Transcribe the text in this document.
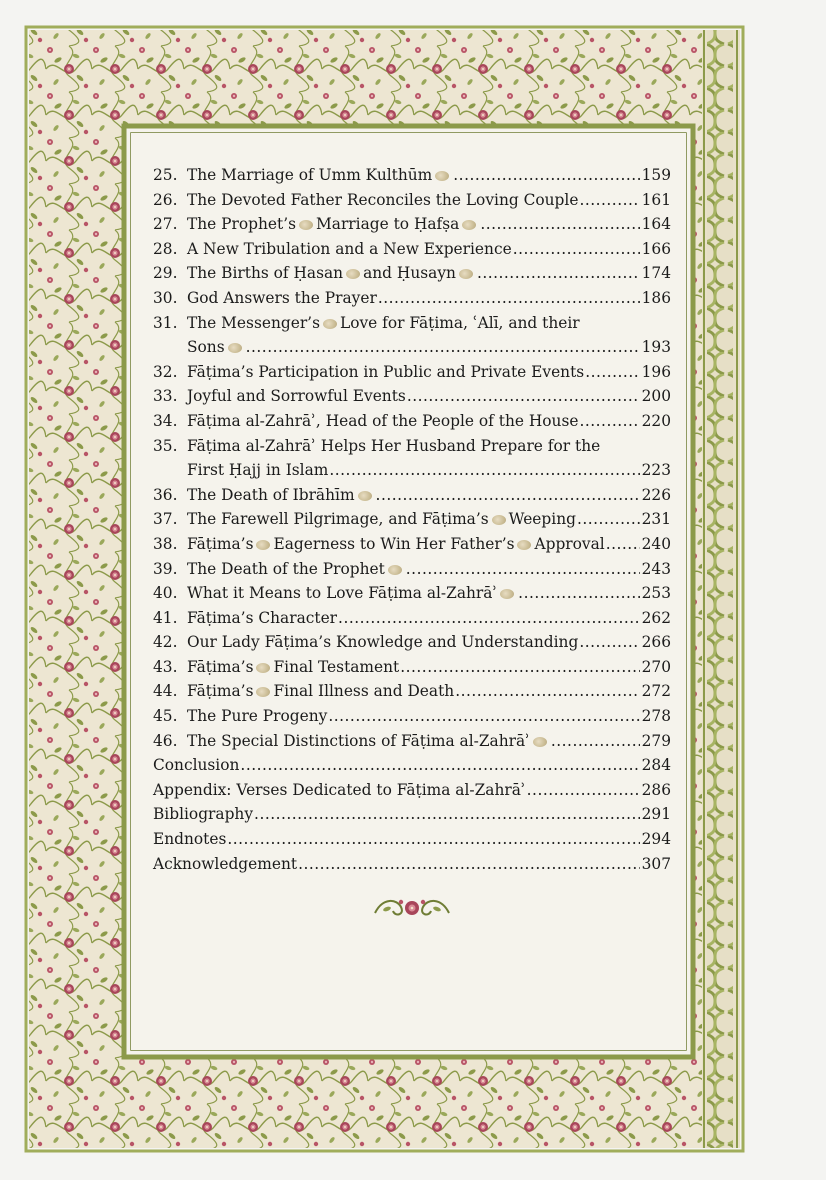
25. The Marriage of Umm Kulthūm .....	159
26. The Devoted Father Reconciles the Loving Couple .....	161
27. The Prophet’s Marriage to Ḥafṣa .....	164
28. A New Tribulation and a New Experience .....	166
29. The Births of Ḥasan and Ḥusayn .....	174
30. God Answers the Prayer .....	186
31. The Messenger’s Love for Fāṭima, ʿAlī, and their
Sons .....	193
32. Fāṭima’s Participation in Public and Private Events .....	196
33. Joyful and Sorrowful Events .....	200
34. Fāṭima al-Zahrāʾ, Head of the People of the House .....	220
35. Fāṭima al-Zahrāʾ Helps Her Husband Prepare for the
First Ḥajj in Islam .....	223
36. The Death of Ibrāhīm .....	226
37. The Farewell Pilgrimage, and Fāṭima’s Weeping .....	231
38. Fāṭima’s Eagerness to Win Her Father’s Approval ..... 240
39. The Death of the Prophet .....	243
40. What it Means to Love Fāṭima al-Zahrāʾ .....	253
41. Fāṭima’s Character .....	262
42. Our Lady Fāṭima’s Knowledge and Understanding .....	266
43. Fāṭima’s Final Testament .....	270
44. Fāṭima’s Final Illness and Death .....	272
45. The Pure Progeny .....	278
46. The Special Distinctions of Fāṭima al-Zahrāʾ .....	279
Conclusion .....	284
Appendix: Verses Dedicated to Fāṭima al-Zahrāʾ .....	286
Bibliography .....	291
Endnotes .....	294
Acknowledgement .....	307
